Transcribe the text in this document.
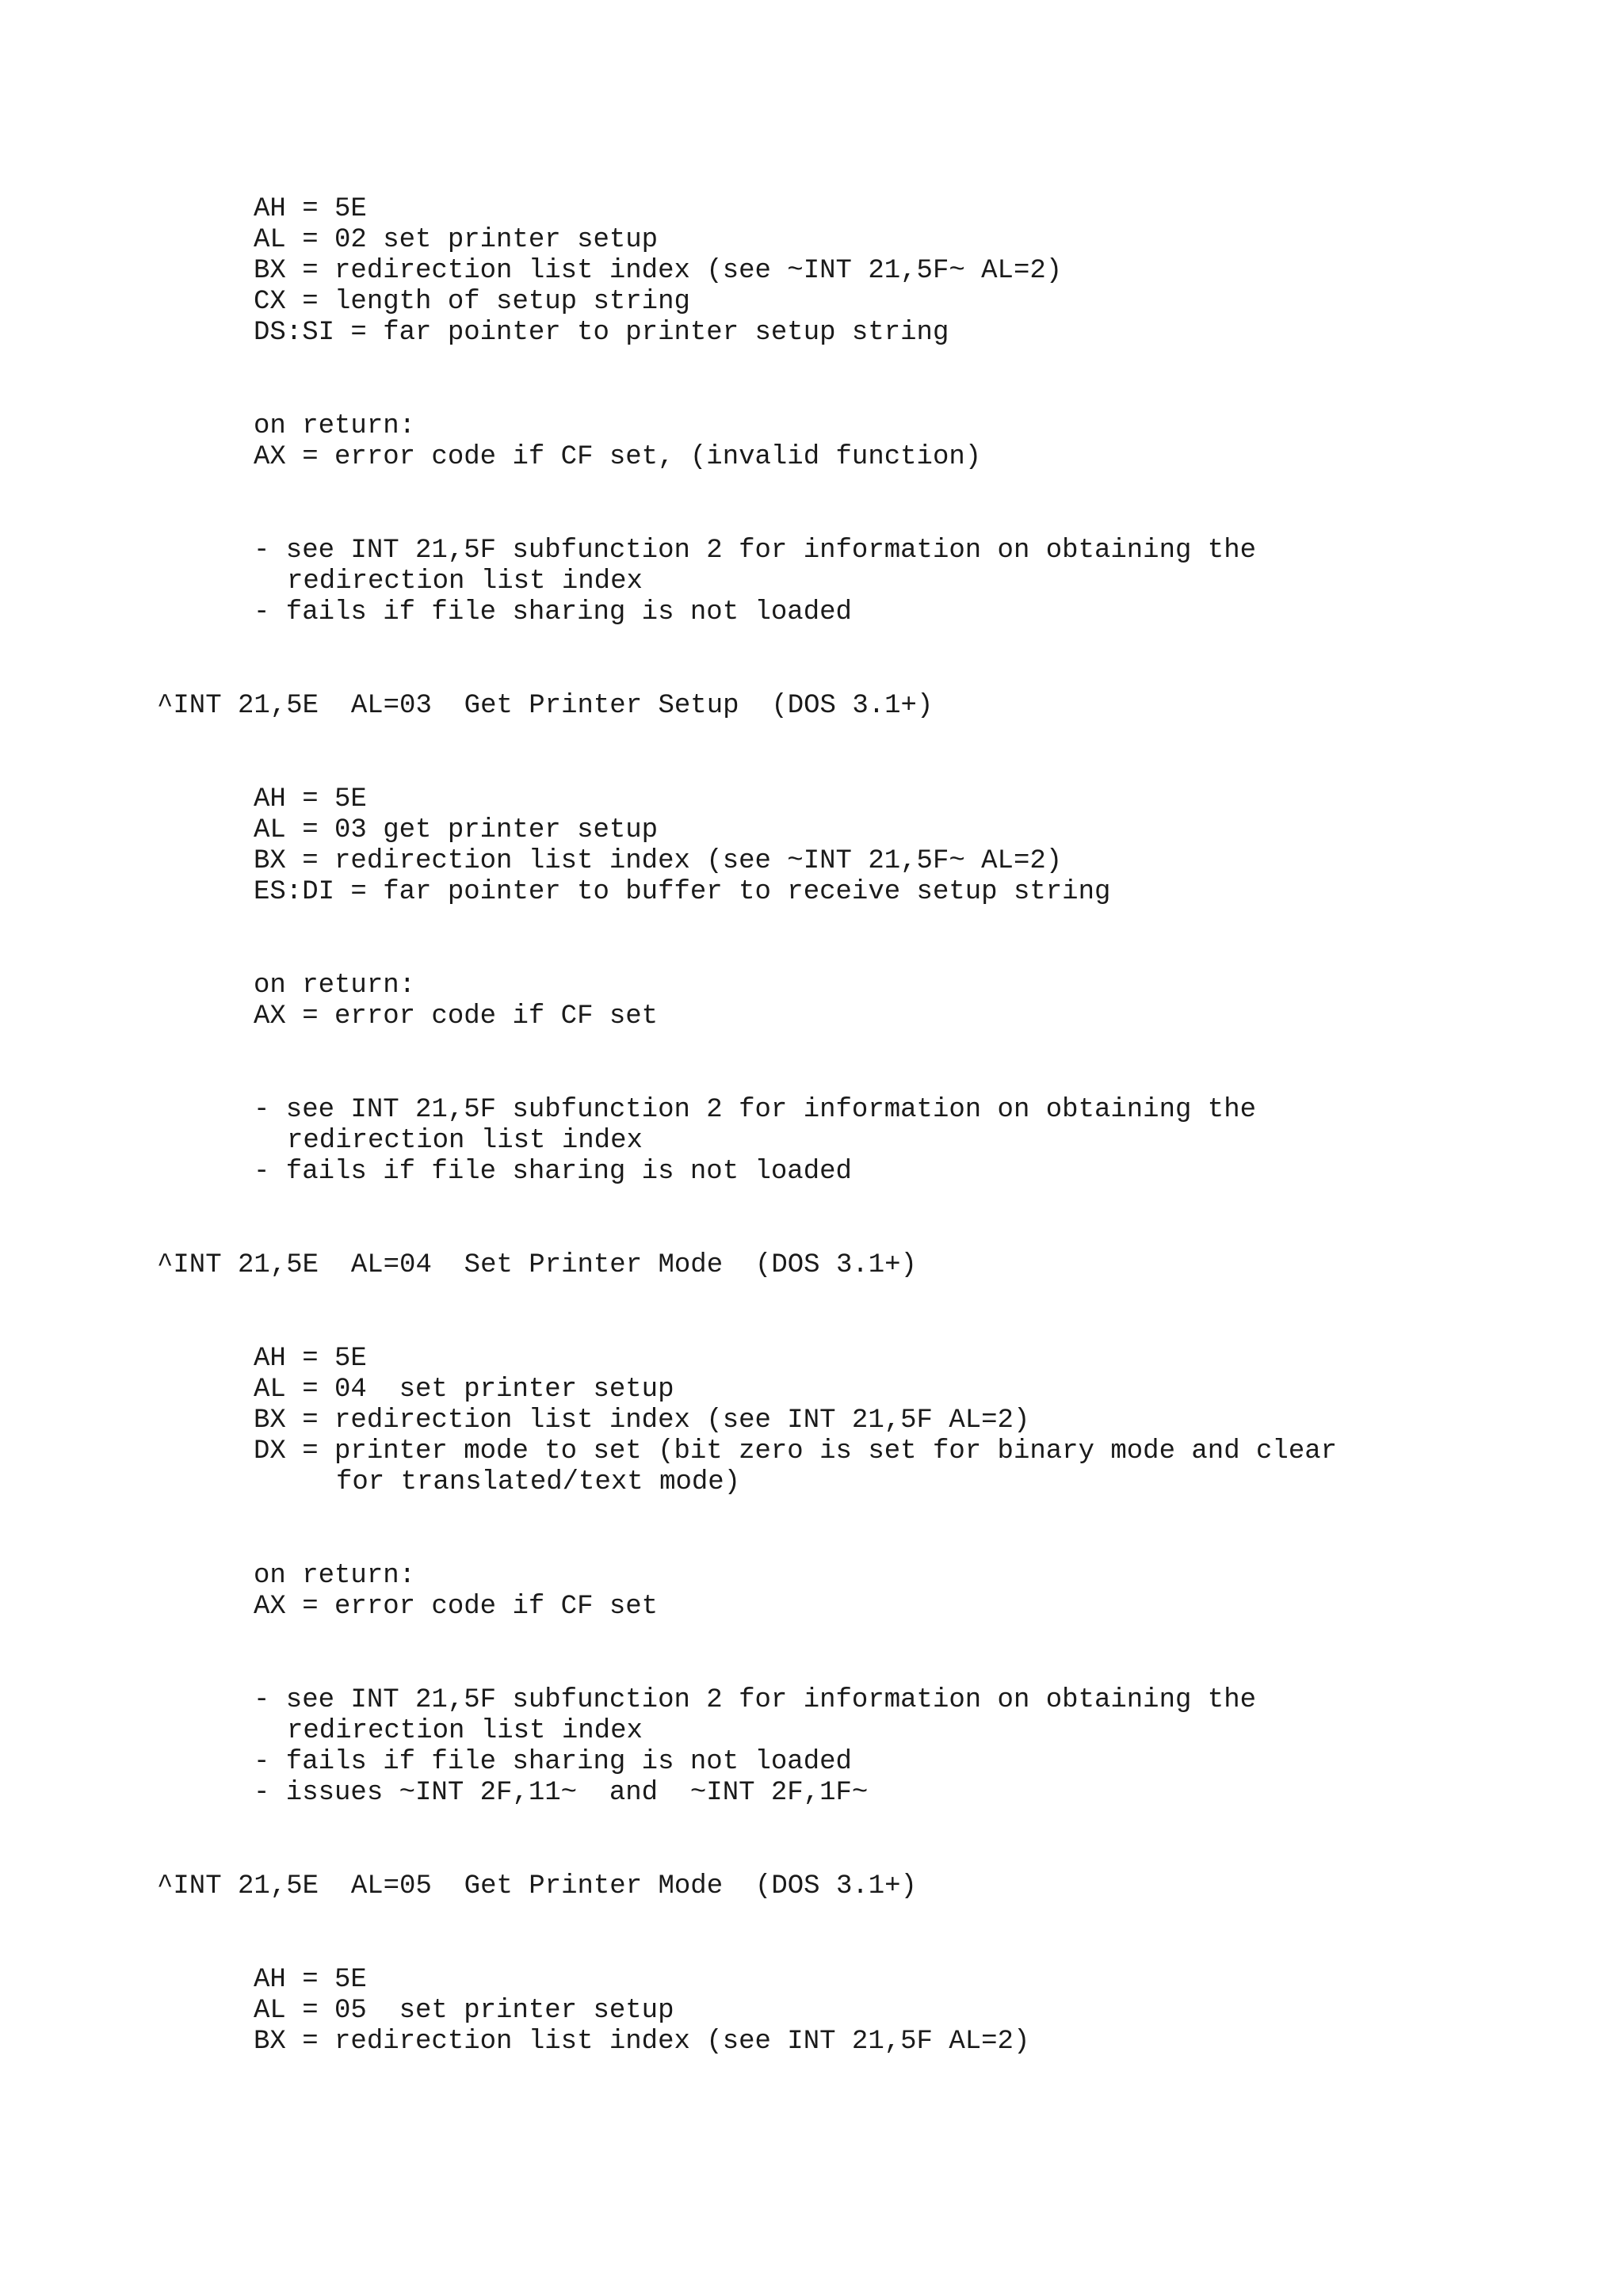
AH = 5E
AL = 02 set printer setup
BX = redirection list index (see ~INT 21,5F~ AL=2)
CX = length of setup string
DS:SI = far pointer to printer setup string
on return:
AX = error code if CF set, (invalid function)
- see INT 21,5F subfunction 2 for information on obtaining the
redirection list index
- fails if file sharing is not loaded
^INT 21,5E  AL=03  Get Printer Setup  (DOS 3.1+)
AH = 5E
AL = 03 get printer setup
BX = redirection list index (see ~INT 21,5F~ AL=2)
ES:DI = far pointer to buffer to receive setup string
on return:
AX = error code if CF set
- see INT 21,5F subfunction 2 for information on obtaining the
redirection list index
- fails if file sharing is not loaded
^INT 21,5E  AL=04  Set Printer Mode  (DOS 3.1+)
AH = 5E
AL = 04  set printer setup
BX = redirection list index (see INT 21,5F AL=2)
DX = printer mode to set (bit zero is set for binary mode and clear
for translated/text mode)
on return:
AX = error code if CF set
- see INT 21,5F subfunction 2 for information on obtaining the
redirection list index
- fails if file sharing is not loaded
- issues ~INT 2F,11~  and  ~INT 2F,1F~
^INT 21,5E  AL=05  Get Printer Mode  (DOS 3.1+)
AH = 5E
AL = 05  set printer setup
BX = redirection list index (see INT 21,5F AL=2)
